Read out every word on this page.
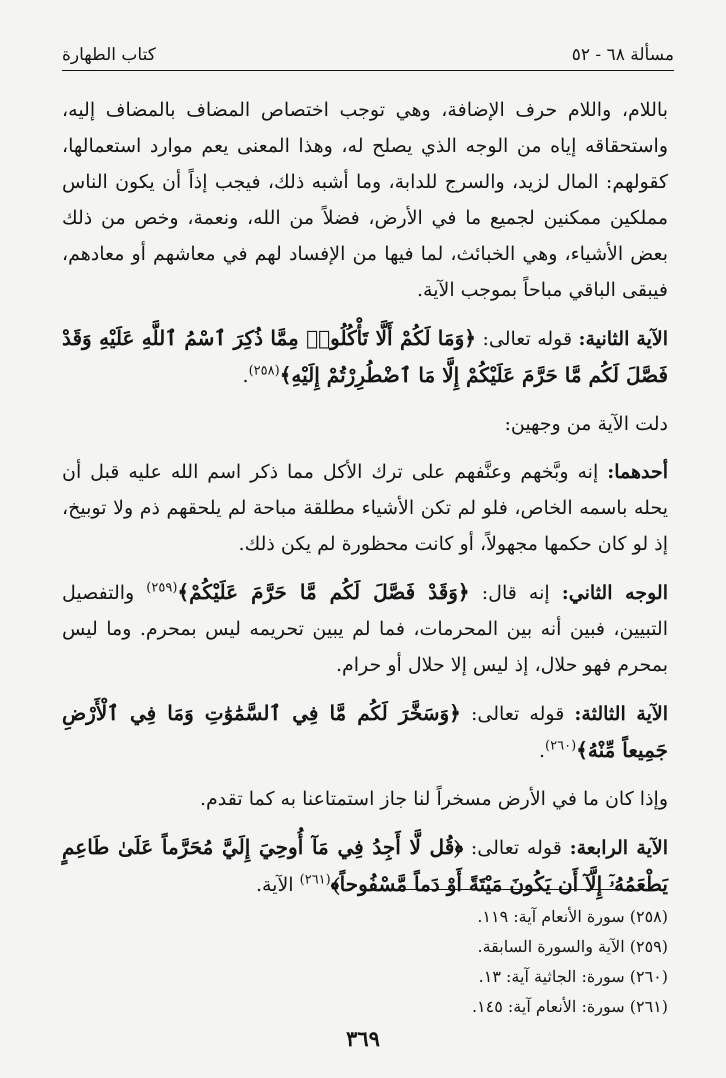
كتاب الطهارة	مسألة ٦٨ - ٥٢

باللام، واللام حرف الإضافة، وهي توجب اختصاص المضاف بالمضاف إليه، واستحقاقه إياه من الوجه الذي يصلح له، وهذا المعنى يعم موارد استعمالها، كقولهم: المال لزيد، والسرج للدابة، وما أشبه ذلك، فيجب إذاً أن يكون الناس مملكين ممكنين لجميع ما في الأرض، فضلاً من الله، ونعمة، وخص من ذلك بعض الأشياء، وهي الخبائث، لما فيها من الإفساد لهم في معاشهم أو معادهم، فيبقى الباقي مباحاً بموجب الآية.

الآية الثانية: قوله تعالى: ﴿وَمَا لَكُمْ أَلَّا تَأْكُلُوا۟ مِمَّا ذُكِرَ ٱسْمُ ٱللَّهِ عَلَيْهِ وَقَدْ فَصَّلَ لَكُم مَّا حَرَّمَ عَلَيْكُمْ إِلَّا مَا ٱضْطُرِرْتُمْ إِلَيْهِ﴾$^{(٢٥٨)}$.

دلت الآية من وجهين:

أحدهما: إنه وبَّخهم وعنَّفهم على ترك الأكل مما ذكر اسم الله عليه قبل أن يحله باسمه الخاص، فلو لم تكن الأشياء مطلقة مباحة لم يلحقهم ذم ولا توبيخ، إذ لو كان حكمها مجهولاً، أو كانت محظورة لم يكن ذلك.

الوجه الثاني: إنه قال: ﴿وَقَدْ فَصَّلَ لَكُم مَّا حَرَّمَ عَلَيْكُمْ﴾$^{(٢٥٩)}$ والتفصيل التبيين، فبين أنه بين المحرمات، فما لم يبين تحريمه ليس بمحرم. وما ليس بمحرم فهو حلال، إذ ليس إلا حلال أو حرام.

الآية الثالثة: قوله تعالى: ﴿وَسَخَّرَ لَكُم مَّا فِي ٱلسَّمَٰوَٰتِ وَمَا فِي ٱلْأَرْضِ جَمِيعاً مِّنْهُ﴾$^{(٢٦٠)}$.

وإذا كان ما في الأرض مسخراً لنا جاز استمتاعنا به كما تقدم.

الآية الرابعة: قوله تعالى: ﴿قُل لَّا أَجِدُ فِي مَآ أُوحِيَ إِلَيَّ مُحَرَّماً عَلَىٰ طَاعِمٍ يَطْعَمُهُۥٓ إِلَّآ أَن يَكُونَ مَيْتَةً أَوْ دَماً مَّسْفُوحاً﴾$^{(٢٦١)}$ الآية.

(٢٥٨) سورة الأنعام آية: ١١٩.
(٢٥٩) الآية والسورة السابقة.
(٢٦٠) سورة: الجاثية آية: ١٣.
(٢٦١) سورة: الأنعام آية: ١٤٥.
٣٦٩
